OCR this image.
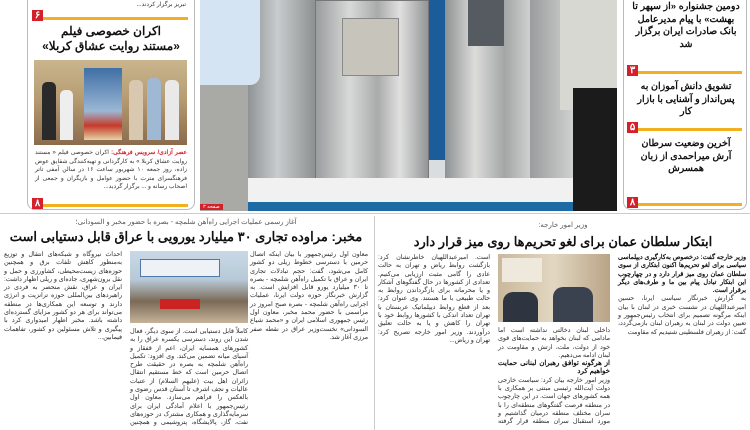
تبریز برگزار کردند...
۶
اکران خصوصی فیلم
«مستند روایت عشاق کربلا»
عصر آزادی/ سرویس فرهنگی: اکران خصوصی فیلم « مستند روایت عشاق کربلا » به کارگردانی و تهیه‌کنندگی شقایق عوض زاده، روز جمعه ۱۰ شهریور ساعت ۱۶ در سالن آمفی تاتر فرهنگسرای مترت با حضور عوامل و بازیگران و جمعی از اصحاب رسانه و ... برگزار گردید...
۸	صفحه ۳
آغاز رسمی عملیات اجرایی راه‌آهن شلمچه - بصره با حضور مخبر و السودانی؛
مخبر: مراوده تجاری ۳۰ میلیارد یورویی با عراق قابل دستیابی است
معاون اول رئیس‌جمهور با بیان اینکه اتصال حرمین با دسترسی خطوط ریلی دو کشور کامل می‌شود، گفت: حجم تبادلات تجاری ایران و عراق با تکمیل راه‌آهن شلمچه - بصره تا ۳۰ میلیارد یورو قابل افزایش است. به گزارش خبرنگار حوزه دولت ایرنا، عملیات اجرایی راه‌آهن شلمچه - بصره صبح امروز در مراسمی با حضور محمد مخبر، معاون اول رئیس جمهوری اسلامی ایران و «محمد شیاع السودانی» نخست‌وزیر عراق در نقطه صفر مرزی آغاز شد.
کاملاً قابل دستیابی است. از سوی دیگر، فعال شدن این روند، دسترسی یکسره عراق را به کشورهای همسایه ایران، اعم از قفقاز و آسیای میانه تضمین می‌کند. وی افزود: تکمیل راه‌آهن شلمچه به بصره در حقیقت طرح اتصال حرمین است که خط مستقیم انتقال زائران اهل بیت (علیهم السلام) از عتبات عالیات و نجف اشرف تا آستان قدس رضوی و بالعکس را فراهم می‌سازد. معاون اول رئیس‌جمهور با اعلام آمادگی ایران برای سرمایه‌گذاری و همکاری مشترک در حوزه‌های نفت، گاز، پالایشگاه، پتروشیمی و همچنین احداث نیروگاه و شبکه‌های انتقال و توزیع به‌منظور کاهش تلفات برق و همچنین حوزه‌های زیست‌محیطی، کشاورزی و حمل و نقل برون‌شهری، جاده‌ای و ریلی اظهار داشت: ایران و عراق، نقش منحصر به فردی در راهبردهای بین‌المللی حوزه ترانزیت و انرژی دارند و توسعه این همکاری‌ها در منطقه می‌تواند برای هر دو کشور مزایای گسترده‌ای داشته باشد. مخبر اظهار امیدواری کرد با پیگیری و تلاش مسئولین دو کشور، تفاهمات فیمابین...
وزیر امور خارجه:
ابتکار سلطان عمان برای لغو تحریم‌ها روی میز قرار دارد
وزیر خارجه گفت: درخصوص به‌کارگیری دیپلماسی سیاسی برای لغو تحریم‌ها اکنون ابتکاری از سوی سلطان عمان روی میز قرار دارد و در چهارچوب این ابتکار تبادل پیام بین ما و طرف‌های دیگر برقرار است.
به گزارش خبرنگار سیاسی ایرنا، حسین امیرعبداللهیان در نشست خبری در لبنان با بیان اینکه مرگونه تصمیم برای انتخاب رئیس‌جمهور و تعیین دولت در لبنان به رهبران لبنان بازمی‌گردد، گفت: از رهبران فلسطینی شنیدیم که مقاومت
داخلی لبنان دخالتی نداشته است اما مادامی که لبنان بخواهد به حمایت‌های قوی خود از دولت، ملت، ارتش و مقاومت در لبنان ادامه می‌دهیم.
از هرگونه توافق رهبران لبنانی حمایت خواهیم کرد
وزیر امور خارجه بیان کرد: سیاست خارجی دولت آیت‌الله رئیسی مبتنی بر همکاری با همه کشورهای جهان است. در این چارچوب در منطقه فرصت گفتگوهای منطقه‌ای را با سران مختلف منطقه درمیان گذاشتیم و مورد استقبال سران منطقه قرار گرفته است. امیرعبداللهیان خاطرنشان کرد: بازگشت روابط ریاض و تهران به حالت عادی را گامی مثبت ارزیابی می‌کنیم. تعدادی از کشورها در حال گفتگوهای آشکار و یا محرمانه برای بازگرداندن روابط به حالت طبیعی با ما هستند. وی عنوان کرد: بعد از قطع روابط دیپلماتیک عربستان با تهران تعداد اندکی با کشورها روابط خود با تهران را کاهش و یا به حالت تعلیق درآوردند. وزیر امور خارجه تصریح کرد: تهران و ریاض...
دومین جشنواره «از سپهر تا بهشت» با پیام مدیرعامل بانک صادرات ایران برگزار شد
۳
تشویق دانش آموزان به پس‌انداز و آشنایی با بازار کار
۵
آخرین وضعیت سرطان آرش میراحمدی از زبان همسرش
۸
